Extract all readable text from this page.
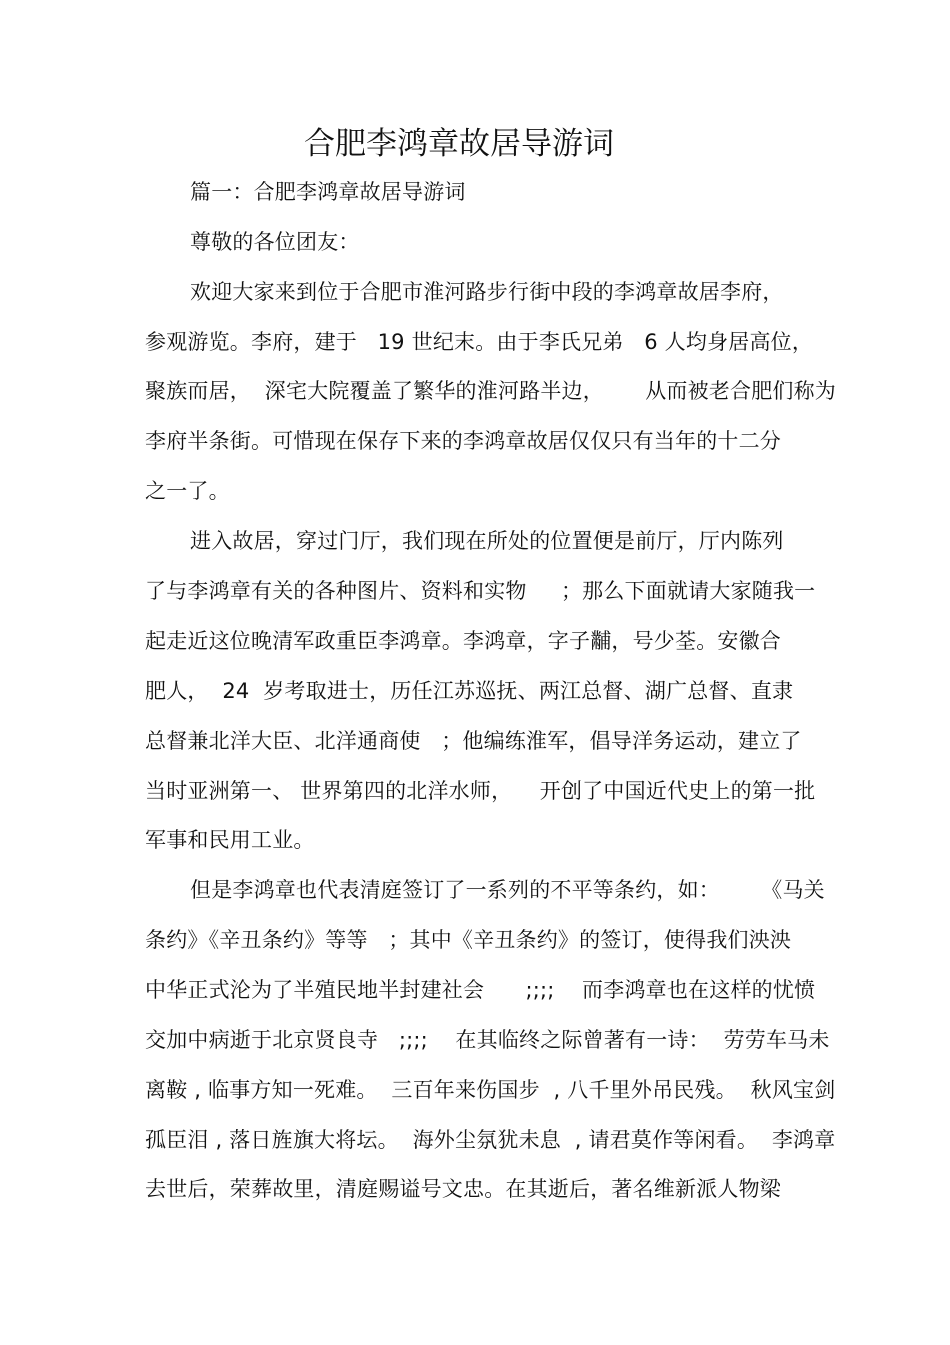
合肥李鸿章故居导游词
篇一：合肥李鸿章故居导游词
尊敬的各位团友：
欢迎大家来到位于合肥市淮河路步行街中段的李鸿章故居李府，
参观游览。李府，建于   19 世纪末。由于李氏兄弟   6 人均身居高位，
聚族而居，  深宅大院覆盖了繁华的淮河路半边，      从而被老合肥们称为
李府半条街。可惜现在保存下来的李鸿章故居仅仅只有当年的十二分
之一了。
进入故居，穿过门厅，我们现在所处的位置便是前厅，厅内陈列
了与李鸿章有关的各种图片、资料和实物     ；那么下面就请大家随我一
起走近这位晚清军政重臣李鸿章。李鸿章，字子黼，号少荃。安徽合
肥人，  24  岁考取进士，历任江苏巡抚、两江总督、湖广总督、直隶
总督兼北洋大臣、北洋通商使   ；他编练淮军，倡导洋务运动，建立了
当时亚洲第一、 世界第四的北洋水师，    开创了中国近代史上的第一批
军事和民用工业。
但是李鸿章也代表清庭签订了一系列的不平等条约，如：      《马关
条约》《辛丑条约》等等   ；其中《辛丑条约》的签订，使得我们泱泱
中华正式沦为了半殖民地半封建社会      ;;;;    而李鸿章也在这样的忧愤
交加中病逝于北京贤良寺   ;;;;    在其临终之际曾著有一诗：  劳劳车马未
离鞍 , 临事方知一死难。  三百年来伤国步  , 八千里外吊民残。  秋风宝剑
孤臣泪 , 落日旌旗大将坛。  海外尘氛犹未息  , 请君莫作等闲看。  李鸿章
去世后，荣葬故里，清庭赐谥号文忠。在其逝后，著名维新派人物梁
